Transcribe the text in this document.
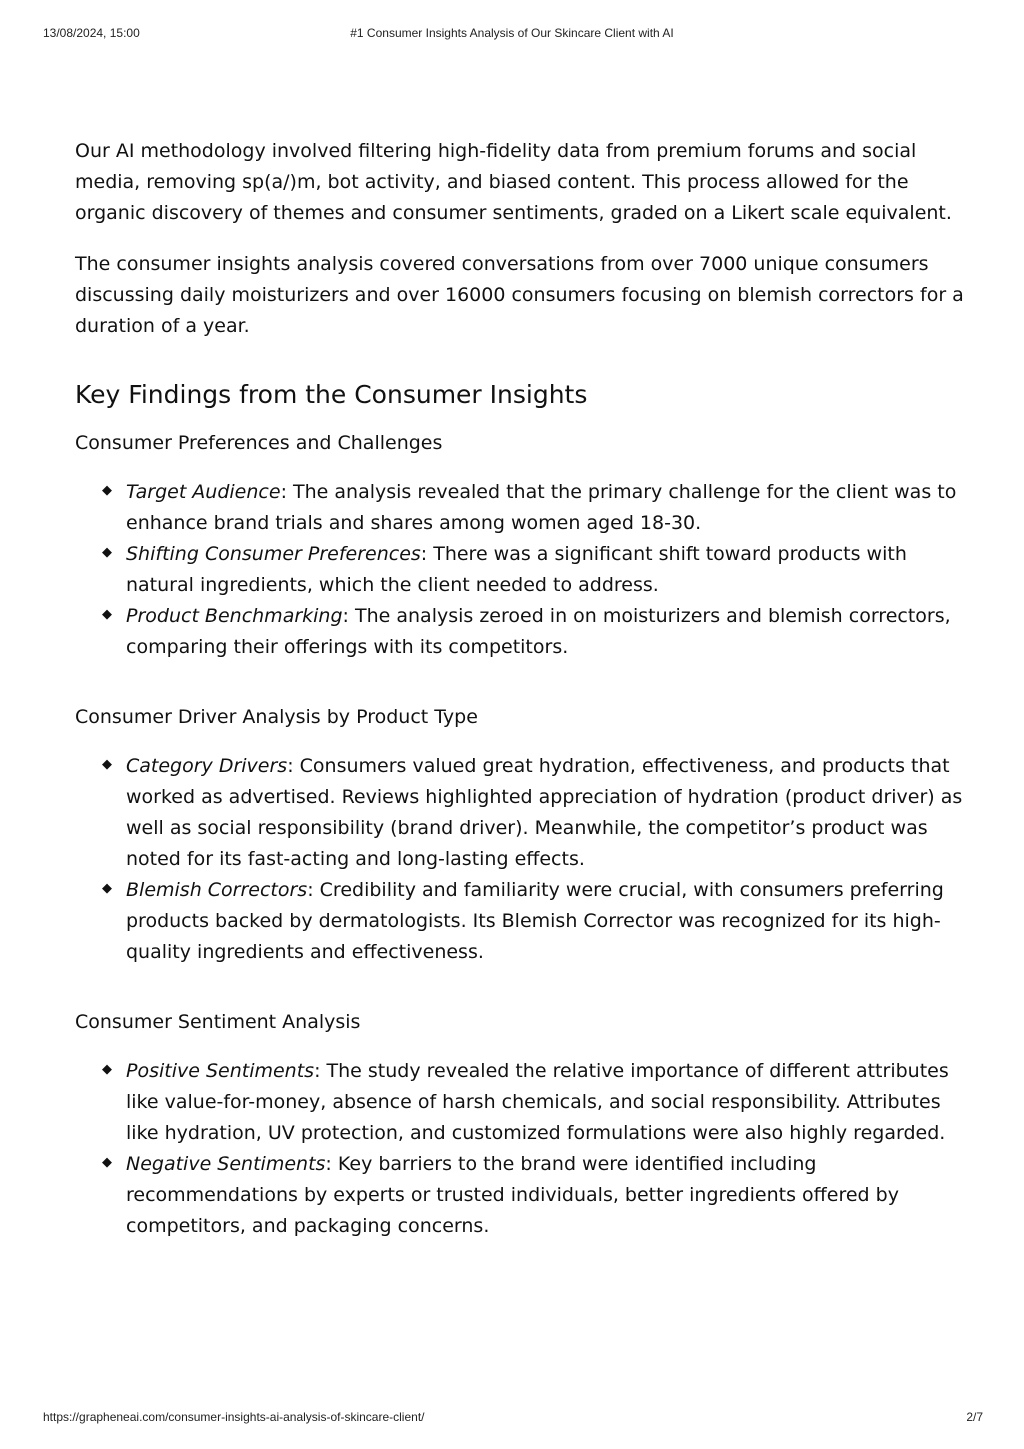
13/08/2024, 15:00	#1 Consumer Insights Analysis of Our Skincare Client with AI

Our AI methodology involved filtering high-fidelity data from premium forums and social media, removing sp(a/)m, bot activity, and biased content. This process allowed for the organic discovery of themes and consumer sentiments, graded on a Likert scale equivalent.

The consumer insights analysis covered conversations from over 7000 unique consumers discussing daily moisturizers and over 16000 consumers focusing on blemish correctors for a duration of a year.

Key Findings from the Consumer Insights
Consumer Preferences and Challenges
◆ Target Audience: The analysis revealed that the primary challenge for the client was to enhance brand trials and shares among women aged 18-30.
◆ Shifting Consumer Preferences: There was a significant shift toward products with natural ingredients, which the client needed to address.
◆ Product Benchmarking: The analysis zeroed in on moisturizers and blemish correctors, comparing their offerings with its competitors.
Consumer Driver Analysis by Product Type
◆ Category Drivers: Consumers valued great hydration, effectiveness, and products that worked as advertised. Reviews highlighted appreciation of hydration (product driver) as well as social responsibility (brand driver). Meanwhile, the competitor’s product was noted for its fast-acting and long-lasting effects.
◆ Blemish Correctors: Credibility and familiarity were crucial, with consumers preferring products backed by dermatologists. Its Blemish Corrector was recognized for its high-quality ingredients and effectiveness.
Consumer Sentiment Analysis
◆ Positive Sentiments: The study revealed the relative importance of different attributes like value-for-money, absence of harsh chemicals, and social responsibility. Attributes like hydration, UV protection, and customized formulations were also highly regarded.
◆ Negative Sentiments: Key barriers to the brand were identified including recommendations by experts or trusted individuals, better ingredients offered by competitors, and packaging concerns.
https://grapheneai.com/consumer-insights-ai-analysis-of-skincare-client/	2/7
